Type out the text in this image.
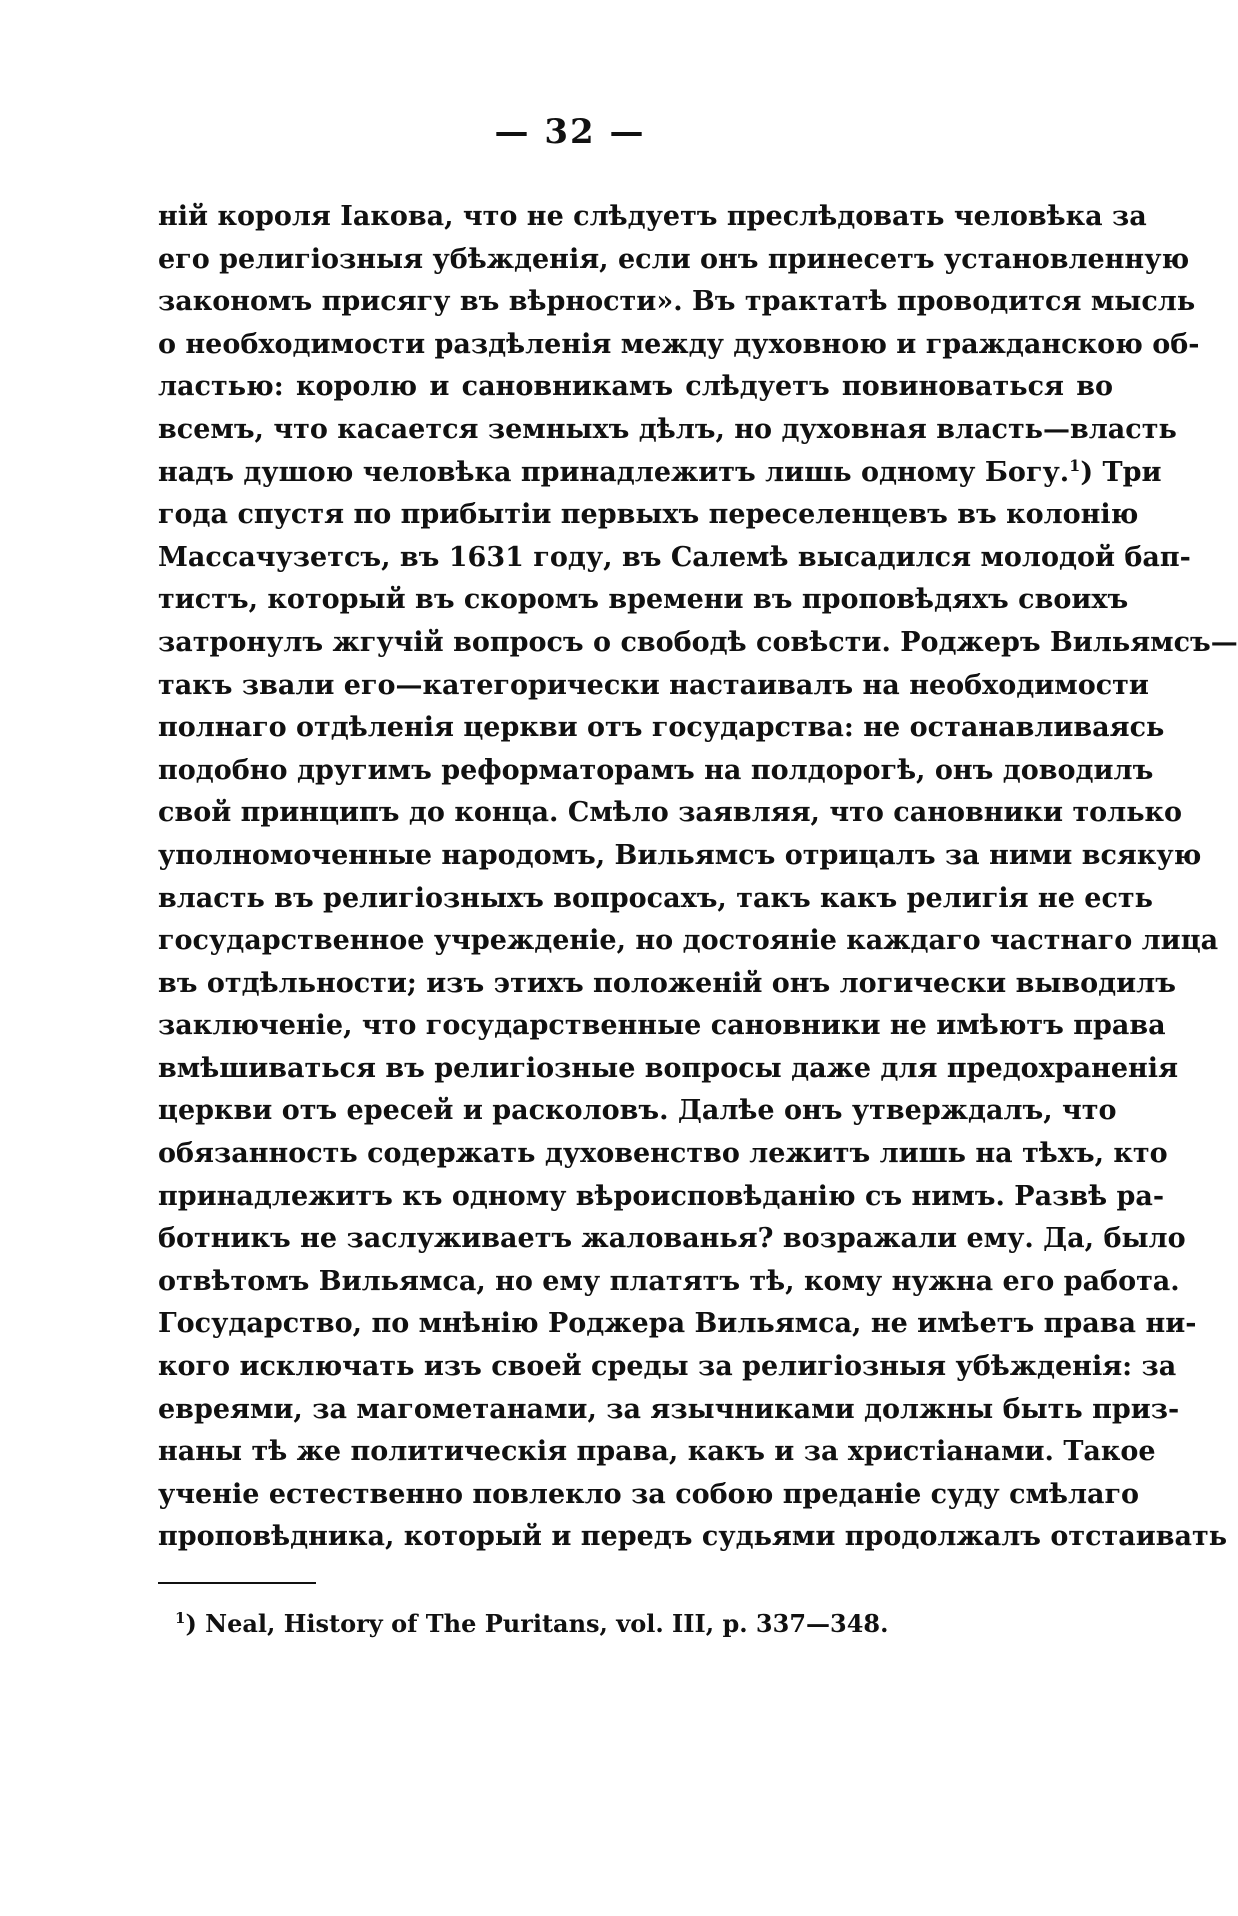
— 32 —
ній короля Іакова, что не слѣдуетъ преслѣдовать человѣка за
его религіозныя убѣжденія, если онъ принесетъ установленную
закономъ присягу въ вѣрности». Въ трактатѣ проводится мысль
о необходимости раздѣленія между духовною и гражданскою об-
ластью: королю и сановникамъ слѣдуетъ повиноваться во
всемъ, что касается земныхъ дѣлъ, но духовная власть—власть
надъ душою человѣка принадлежитъ лишь одному Богу.$^1$) Три
года спустя по прибытіи первыхъ переселенцевъ въ колонію
Массачузетсъ, въ 1631 году, въ Салемѣ высадился молодой бап-
тистъ, который въ скоромъ времени въ проповѣдяхъ своихъ
затронулъ жгучій вопросъ о свободѣ совѣсти. Роджеръ Вильямсъ—
такъ звали его—категорически настаивалъ на необходимости
полнаго отдѣленія церкви отъ государства: не останавливаясь
подобно другимъ реформаторамъ на полдорогѣ, онъ доводилъ
свой принципъ до конца. Смѣло заявляя, что сановники только
уполномоченные народомъ, Вильямсъ отрицалъ за ними всякую
власть въ религіозныхъ вопросахъ, такъ какъ религія не есть
государственное учрежденіе, но достояніе каждаго частнаго лица
въ отдѣльности; изъ этихъ положеній онъ логически выводилъ
заключеніе, что государственные сановники не имѣютъ права
вмѣшиваться въ религіозные вопросы даже для предохраненія
церкви отъ ересей и расколовъ. Далѣе онъ утверждалъ, что
обязанность содержать духовенство лежитъ лишь на тѣхъ, кто
принадлежитъ къ одному вѣроисповѣданію съ нимъ. Развѣ ра-
ботникъ не заслуживаетъ жалованья? возражали ему. Да, было
отвѣтомъ Вильямса, но ему платятъ тѣ, кому нужна его работа.
Государство, по мнѣнію Роджера Вильямса, не имѣетъ права ни-
кого исключать изъ своей среды за религіозныя убѣжденія: за
евреями, за магометанами, за язычниками должны быть приз-
наны тѣ же политическія права, какъ и за христіанами. Такое
ученіе естественно повлекло за собою преданіе суду смѣлаго
проповѣдника, который и передъ судьями продолжалъ отстаивать
$^1$) Neal, History of The Puritans, vol. III, p. 337—348.
